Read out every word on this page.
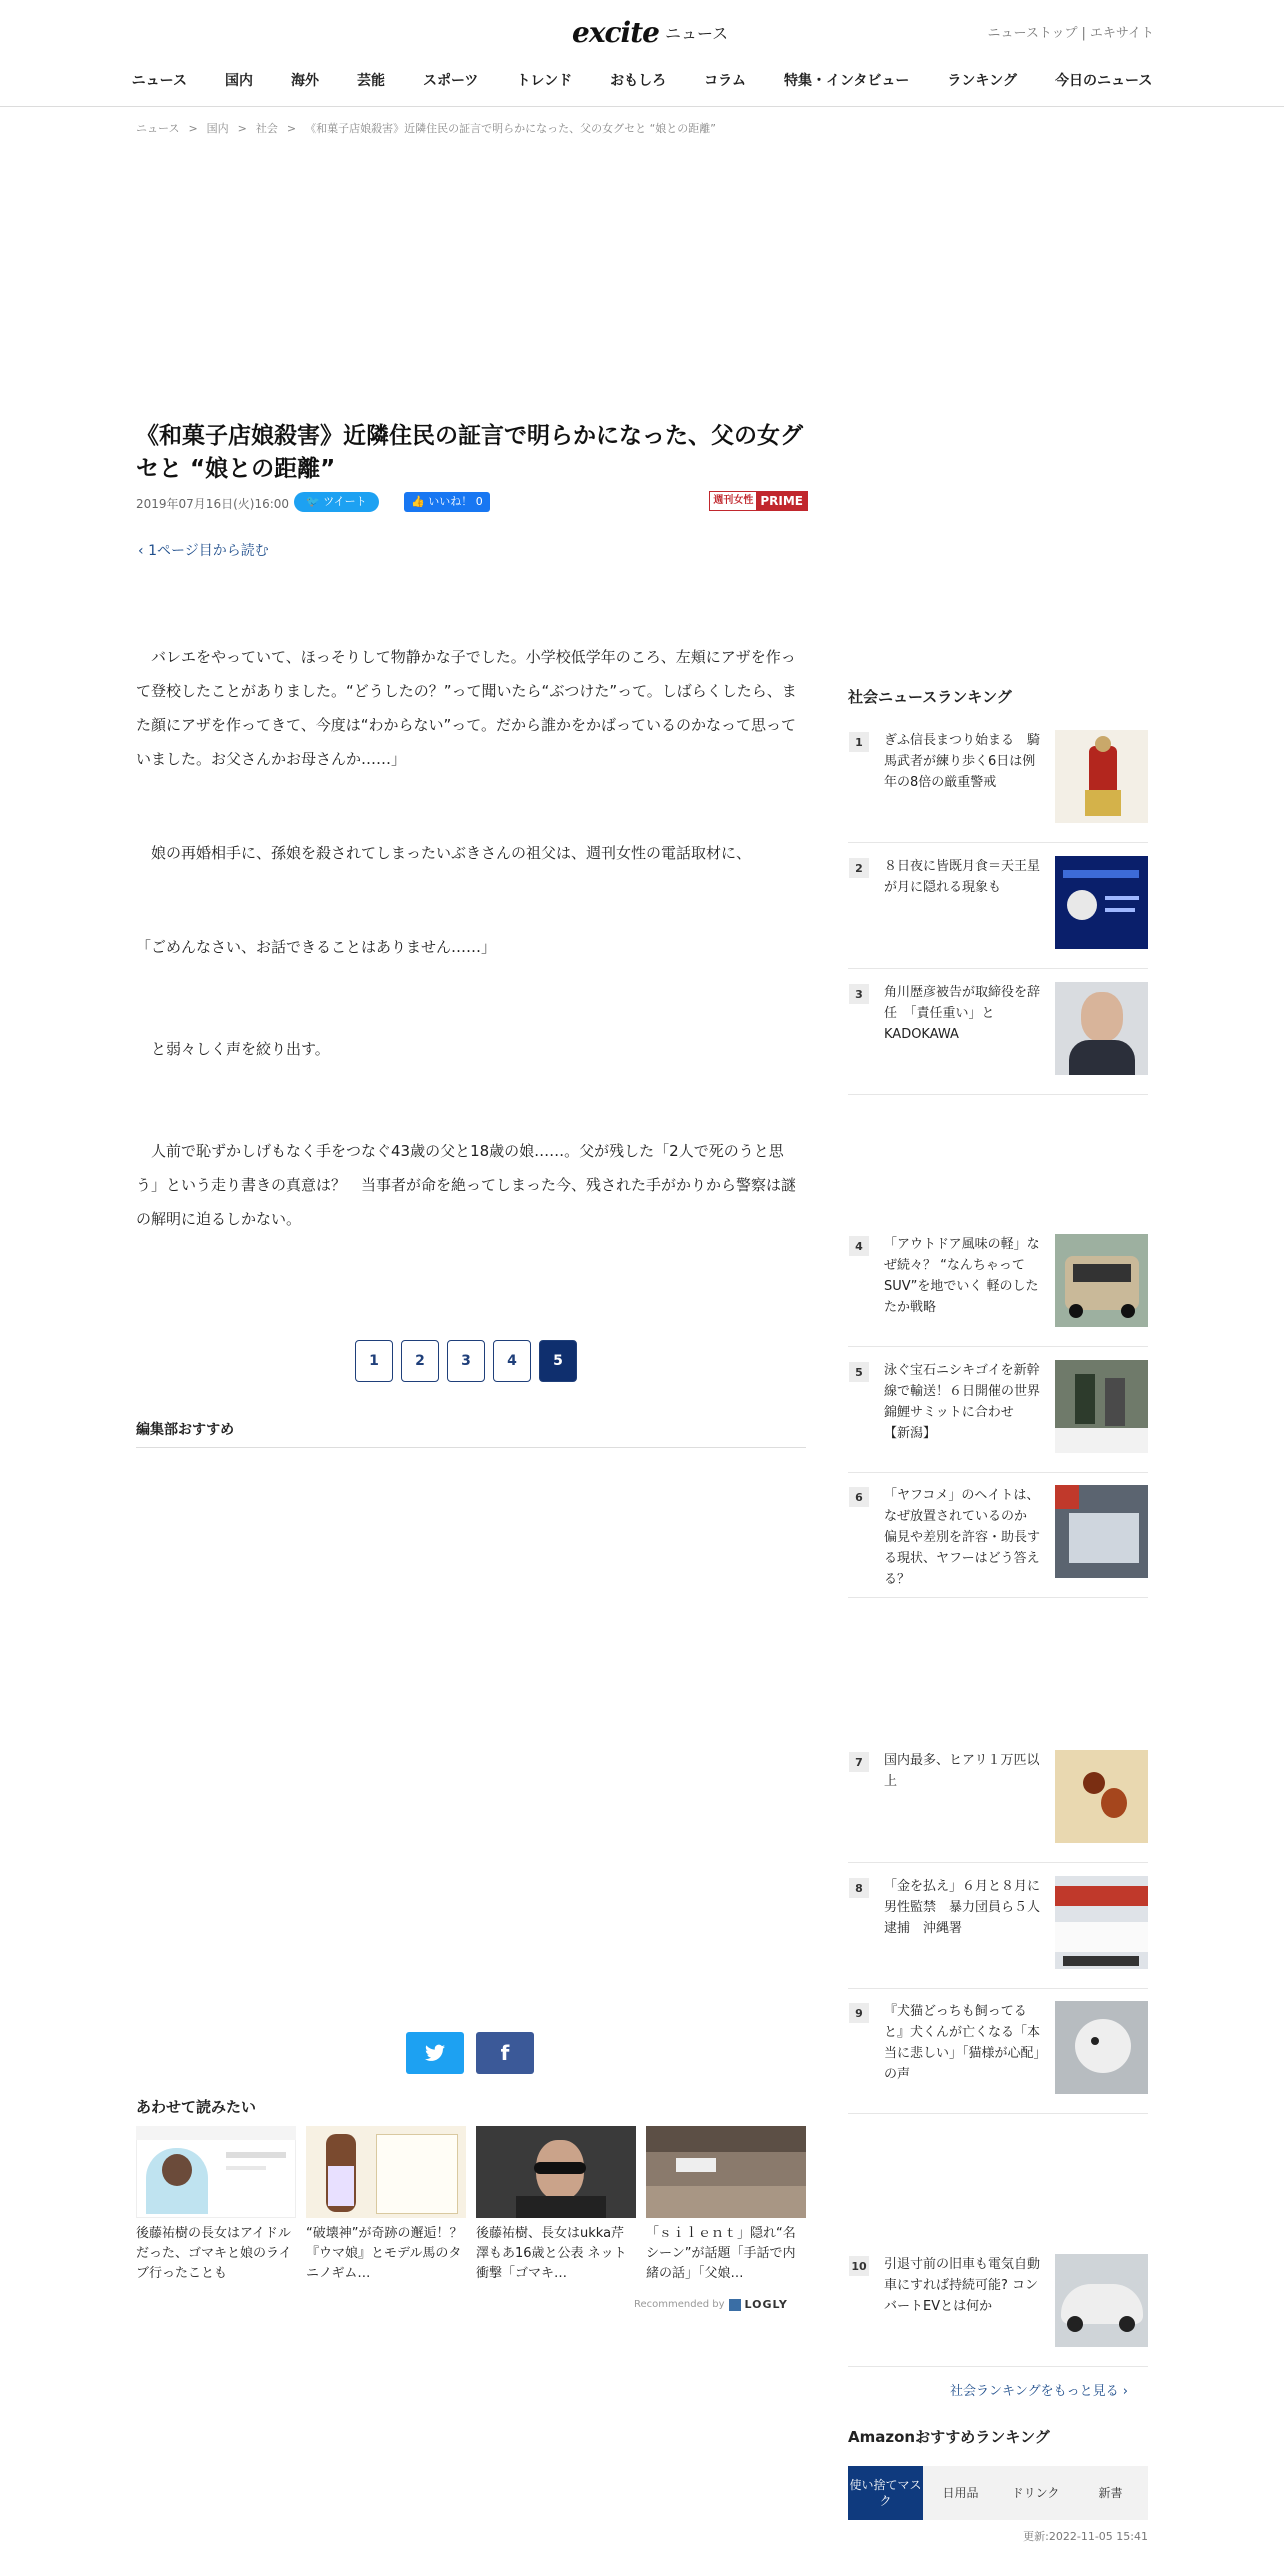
excite ニュース	ニューストップ | エキサイト
ニュース	国内	海外	芸能	スポーツ	トレンド	おもしろ	コラム	特集・インタビュー	ランキング	今日のニュース
ニュース > 国内 > 社会 > 《和菓子店娘殺害》近隣住民の証言で明らかになった、父の女グセと “娘との距離”
《和菓子店娘殺害》近隣住民の証言で明らかになった、父の女グセと “娘との距離”
2019年07月16日(火)16:00	🐦 ツイート	👍 いいね！ 0	週刊女性 PRIME
‹ 1ページ目から読む

　バレエをやっていて、ほっそりして物静かな子でした。小学校低学年のころ、左頬にアザを作って登校したことがありました。“どうしたの？”って聞いたら“ぶつけた”って。しばらくしたら、また顔にアザを作ってきて、今度は“わからない”って。だから誰かをかばっているのかなって思っていました。お父さんかお母さんか……」

　娘の再婚相手に、孫娘を殺されてしまったいぶきさんの祖父は、週刊女性の電話取材に、

「ごめんなさい、お話できることはありません……」

　と弱々しく声を絞り出す。

　人前で恥ずかしげもなく手をつなぐ43歳の父と18歳の娘……。父が残した「2人で死のうと思う」という走り書きの真意は？　当事者が命を絶ってしまった今、残された手がかりから警察は謎の解明に迫るしかない。

1	2	3	4	5
編集部おすすめ
f
あわせて読みたい
後藤祐樹の長女はアイドルだった、ゴマキと娘のライブ行ったことも
“破壊神”が奇跡の邂逅！？『ウマ娘』とモデル馬のタニノギム…
後藤祐樹、長女はukka芹澤もあ16歳と公表 ネット衝撃「ゴマキ…
「ｓｉｌｅｎｔ」隠れ“名シーン”が話題「手話で内緒の話」「父娘…
Recommended by LOGLY
社会ニュースランキング
1	ぎふ信長まつり始まる　騎馬武者が練り歩く6日は例年の8倍の厳重警戒
2	８日夜に皆既月食＝天王星が月に隠れる現象も
3	角川歴彦被告が取締役を辞任　「責任重い」とKADOKAWA
4	「アウトドア風味の軽」なぜ続々？ “なんちゃってSUV”を地でいく 軽のしたたか戦略
5	泳ぐ宝石ニシキゴイを新幹線で輸送！６日開催の世界錦鯉サミットに合わせ　【新潟】
6	「ヤフコメ」のヘイトは、なぜ放置されているのか　偏見や差別を許容・助長する現状、ヤフーはどう答える？
7	国内最多、ヒアリ１万匹以上
8	「金を払え」６月と８月に男性監禁　暴力団員ら５人逮捕　沖縄署
9	『犬猫どっちも飼ってると』犬くんが亡くなる「本当に悲しい」「猫様が心配」の声
10 引退寸前の旧車も電気自動車にすれば持続可能? コンバートEVとは何か
社会ランキングをもっと見る ›
Amazonおすすめランキング
使い捨てマスク
日用品	ドリンク	新書
更新:2022-11-05 15:41
